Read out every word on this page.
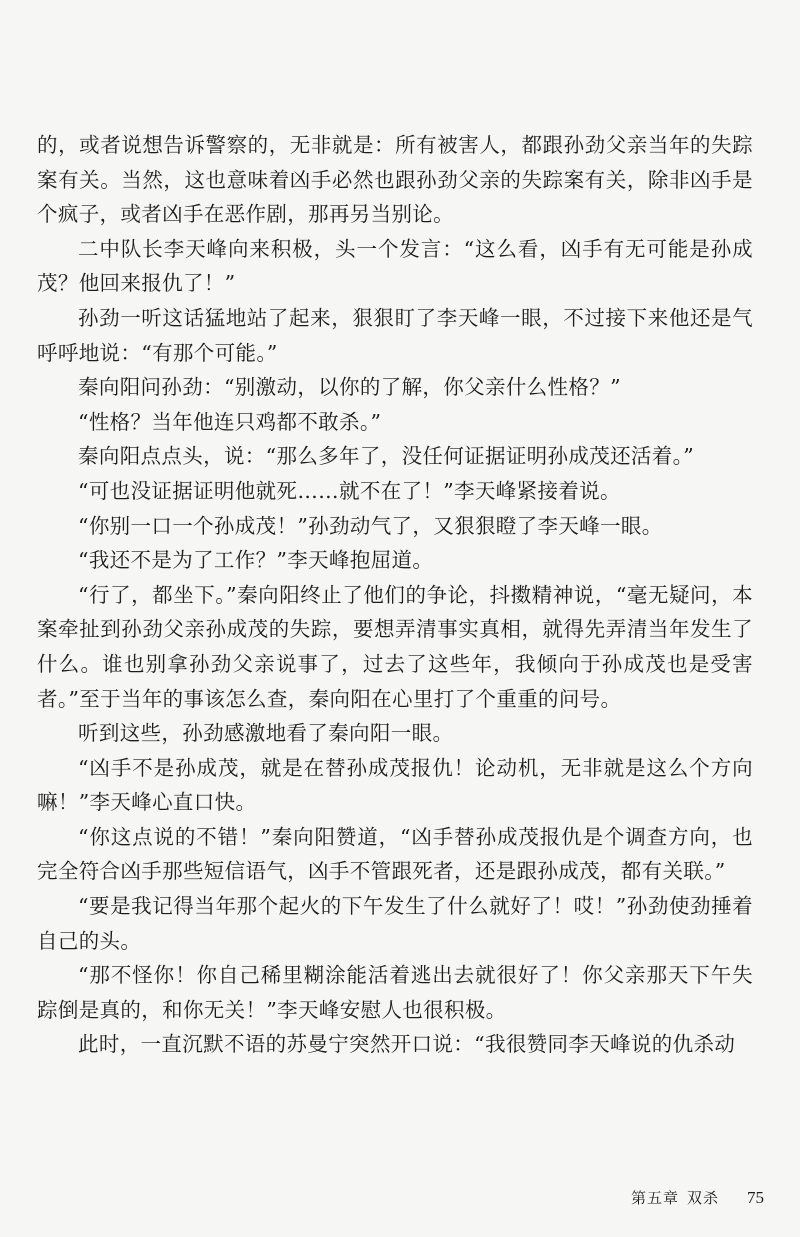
的，或者说想告诉警察的，无非就是：所有被害人，都跟孙劲父亲当年的失踪案有关。当然，这也意味着凶手必然也跟孙劲父亲的失踪案有关，除非凶手是个疯子，或者凶手在恶作剧，那再另当别论。

二中队长李天峰向来积极，头一个发言：“这么看，凶手有无可能是孙成茂？他回来报仇了！”

孙劲一听这话猛地站了起来，狠狠盯了李天峰一眼，不过接下来他还是气呼呼地说：“有那个可能。”

秦向阳问孙劲：“别激动，以你的了解，你父亲什么性格？”

“性格？当年他连只鸡都不敢杀。”

秦向阳点点头，说：“那么多年了，没任何证据证明孙成茂还活着。”

“可也没证据证明他就死……就不在了！”李天峰紧接着说。

“你别一口一个孙成茂！”孙劲动气了，又狠狠瞪了李天峰一眼。

“我还不是为了工作？”李天峰抱屈道。

“行了，都坐下。”秦向阳终止了他们的争论，抖擞精神说，“毫无疑问，本案牵扯到孙劲父亲孙成茂的失踪，要想弄清事实真相，就得先弄清当年发生了什么。谁也别拿孙劲父亲说事了，过去了这些年，我倾向于孙成茂也是受害者。”至于当年的事该怎么查，秦向阳在心里打了个重重的问号。

听到这些，孙劲感激地看了秦向阳一眼。

“凶手不是孙成茂，就是在替孙成茂报仇！论动机，无非就是这么个方向嘛！”李天峰心直口快。

“你这点说的不错！”秦向阳赞道，“凶手替孙成茂报仇是个调查方向，也完全符合凶手那些短信语气，凶手不管跟死者，还是跟孙成茂，都有关联。”

“要是我记得当年那个起火的下午发生了什么就好了！哎！”孙劲使劲捶着自己的头。

“那不怪你！你自己稀里糊涂能活着逃出去就很好了！你父亲那天下午失踪倒是真的，和你无关！”李天峰安慰人也很积极。

此时，一直沉默不语的苏曼宁突然开口说：“我很赞同李天峰说的仇杀动

第五章 双杀 75
